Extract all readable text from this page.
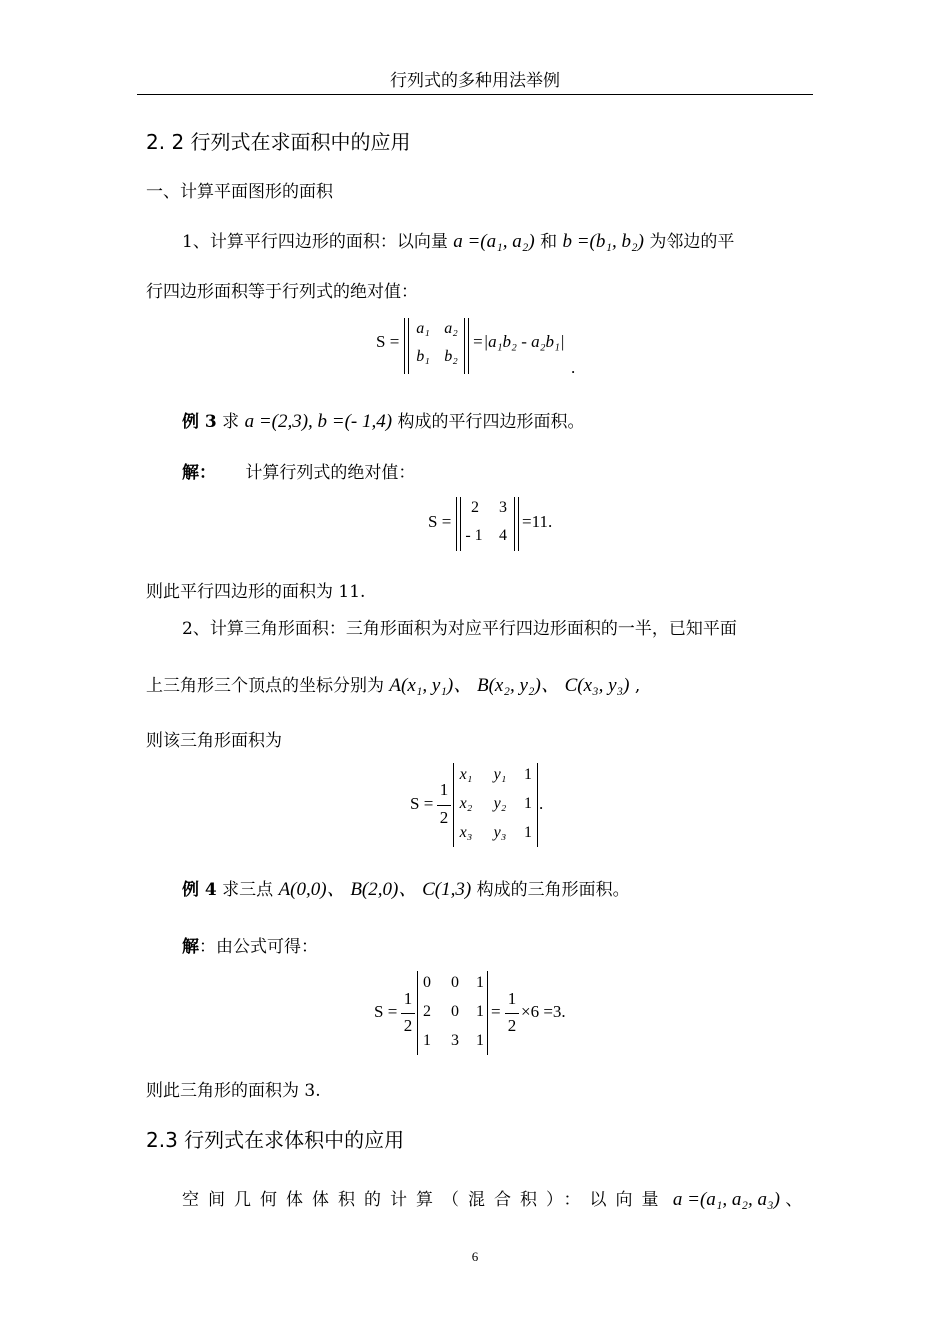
行列式的多种用法举例
2. 2 行列式在求面积中的应用
一、计算平面图形的面积
1、计算平行四边形的面积：以向量 a =(a₁, a₂) 和 b =(b₁, b₂) 为邻边的平
行四边形面积等于行列式的绝对值：
S =
a₁ a₂
b₁ b₂
=|a₁b₂ - a₂b₁|
.
例 3 求 a =(2,3), b =(- 1,4) 构成的平行四边形面积。
解： 计算行列式的绝对值：
S =
2	3
- 1	4
=11.
则此平行四边形的面积为 11.
2、计算三角形面积：三角形面积为对应平行四边形面积的一半，已知平面
上三角形三个顶点的坐标分别为 A(x₁, y₁)、 B(x₂, y₂)、 C(x₃, y₃) ,
则该三角形面积为
S =
1
2
x₁ y₁ 1
x₂ y₂ 1
x₃ y₃ 1
.
例 4 求三点 A(0,0)、 B(2,0)、 C(1,3) 构成的三角形面积。
解：由公式可得：
S =
1
2
0 0 1
2 0 1
1 3 1
=
1
2
×6 =3.
则此三角形的面积为 3.
2.3 行列式在求体积中的应用
空间几何体体积的计算（混合积）：以向量 a =(a₁, a₂, a₃) 、
6
